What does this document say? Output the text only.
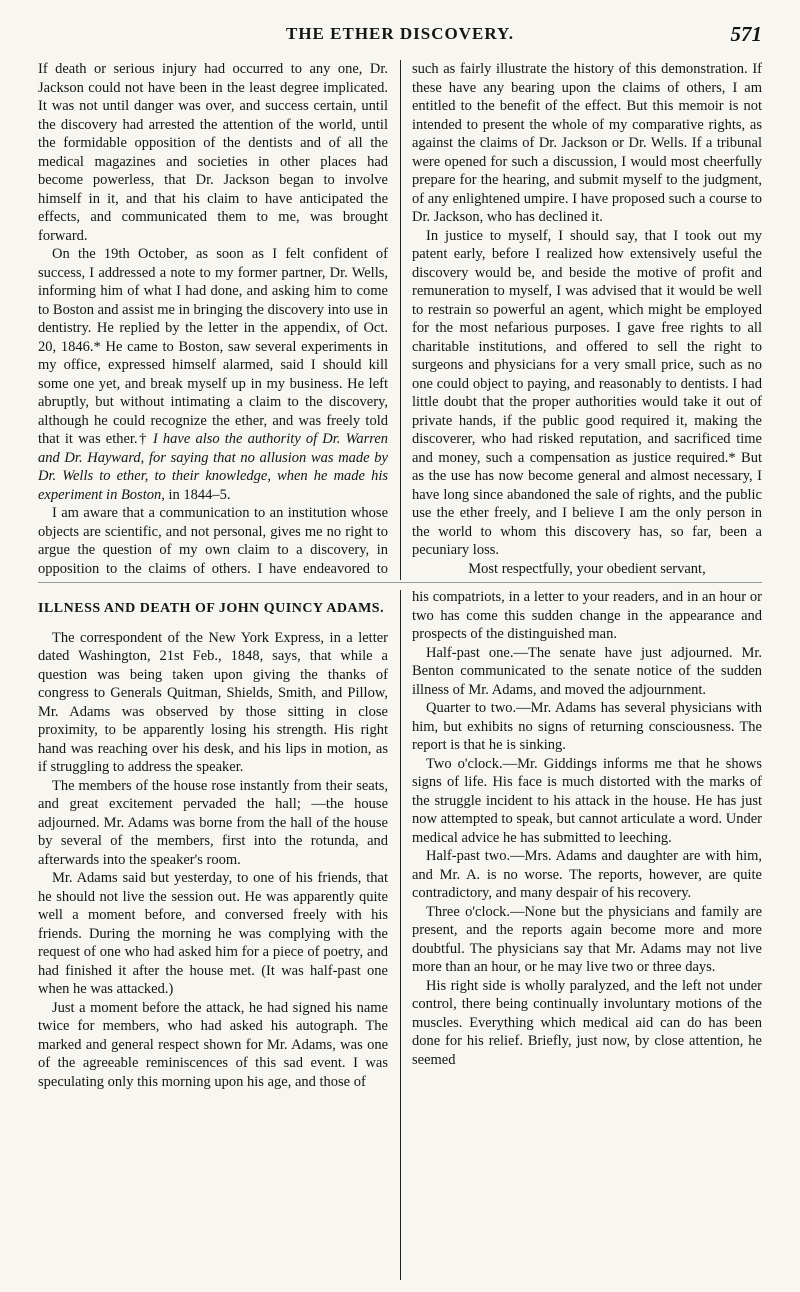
THE ETHER DISCOVERY.	571

If death or serious injury had occurred to any one, Dr. Jackson could not have been in the least degree implicated. It was not until danger was over, and success certain, until the discovery had arrested the attention of the world, until the formidable opposition of the dentists and of all the medical magazines and societies in other places had become powerless, that Dr. Jackson began to involve himself in it, and that his claim to have anticipated the effects, and communicated them to me, was brought forward.

On the 19th October, as soon as I felt confident of success, I addressed a note to my former partner, Dr. Wells, informing him of what I had done, and asking him to come to Boston and assist me in bringing the discovery into use in dentistry. He replied by the letter in the appendix, of Oct. 20, 1846.* He came to Boston, saw several experiments in my office, expressed himself alarmed, said I should kill some one yet, and break myself up in my business. He left abruptly, but without intimating a claim to the discovery, although he could recognize the ether, and was freely told that it was ether.† I have also the authority of Dr. Warren and Dr. Hayward, for saying that no allusion was made by Dr. Wells to ether, to their knowledge, when he made his experiment in Boston, in 1844–5.

I am aware that a communication to an institution whose objects are scientific, and not personal, gives me no right to argue the question of my own claim to a discovery, in opposition to the claims of others. I have endeavored to

such as fairly illustrate the history of this demonstration. If these have any bearing upon the claims of others, I am entitled to the benefit of the effect. But this memoir is not intended to present the whole of my comparative rights, as against the claims of Dr. Jackson or Dr. Wells. If a tribunal were opened for such a discussion, I would most cheerfully prepare for the hearing, and submit myself to the judgment, of any enlightened umpire. I have proposed such a course to Dr. Jackson, who has declined it.

In justice to myself, I should say, that I took out my patent early, before I realized how extensively useful the discovery would be, and beside the motive of profit and remuneration to myself, I was advised that it would be well to restrain so powerful an agent, which might be employed for the most nefarious purposes. I gave free rights to all charitable institutions, and offered to sell the right to surgeons and physicians for a very small price, such as no one could object to paying, and reasonably to dentists. I had little doubt that the proper authorities would take it out of private hands, if the public good required it, making the discoverer, who had risked reputation, and sacrificed time and money, such a compensation as justice required.* But as the use has now become general and almost necessary, I have long since abandoned the sale of rights, and the public use the ether freely, and I believe I am the only person in the world to whom this discovery has, so far, been a pecuniary loss.

Most respectfully, your obedient servant,

ILLNESS AND DEATH OF JOHN QUINCY ADAMS.

The correspondent of the New York Express, in a letter dated Washington, 21st Feb., 1848, says, that while a question was being taken upon giving the thanks of congress to Generals Quitman, Shields, Smith, and Pillow, Mr. Adams was observed by those sitting in close proximity, to be apparently losing his strength. His right hand was reaching over his desk, and his lips in motion, as if struggling to address the speaker.

The members of the house rose instantly from their seats, and great excitement pervaded the hall; —the house adjourned. Mr. Adams was borne from the hall of the house by several of the members, first into the rotunda, and afterwards into the speaker's room.

Mr. Adams said but yesterday, to one of his friends, that he should not live the session out. He was apparently quite well a moment before, and conversed freely with his friends. During the morning he was complying with the request of one who had asked him for a piece of poetry, and had finished it after the house met. (It was half-past one when he was attacked.)

Just a moment before the attack, he had signed his name twice for members, who had asked his autograph. The marked and general respect shown for Mr. Adams, was one of the agreeable reminiscences of this sad event. I was speculating only this morning upon his age, and those of

his compatriots, in a letter to your readers, and in an hour or two has come this sudden change in the appearance and prospects of the distinguished man.

Half-past one.—The senate have just adjourned. Mr. Benton communicated to the senate notice of the sudden illness of Mr. Adams, and moved the adjournment.

Quarter to two.—Mr. Adams has several physicians with him, but exhibits no signs of returning consciousness. The report is that he is sinking.

Two o'clock.—Mr. Giddings informs me that he shows signs of life. His face is much distorted with the marks of the struggle incident to his attack in the house. He has just now attempted to speak, but cannot articulate a word. Under medical advice he has submitted to leeching.

Half-past two.—Mrs. Adams and daughter are with him, and Mr. A. is no worse. The reports, however, are quite contradictory, and many despair of his recovery.

Three o'clock.—None but the physicians and family are present, and the reports again become more and more doubtful. The physicians say that Mr. Adams may not live more than an hour, or he may live two or three days.

His right side is wholly paralyzed, and the left not under control, there being continually involuntary motions of the muscles. Everything which medical aid can do has been done for his relief. Briefly, just now, by close attention, he seemed
